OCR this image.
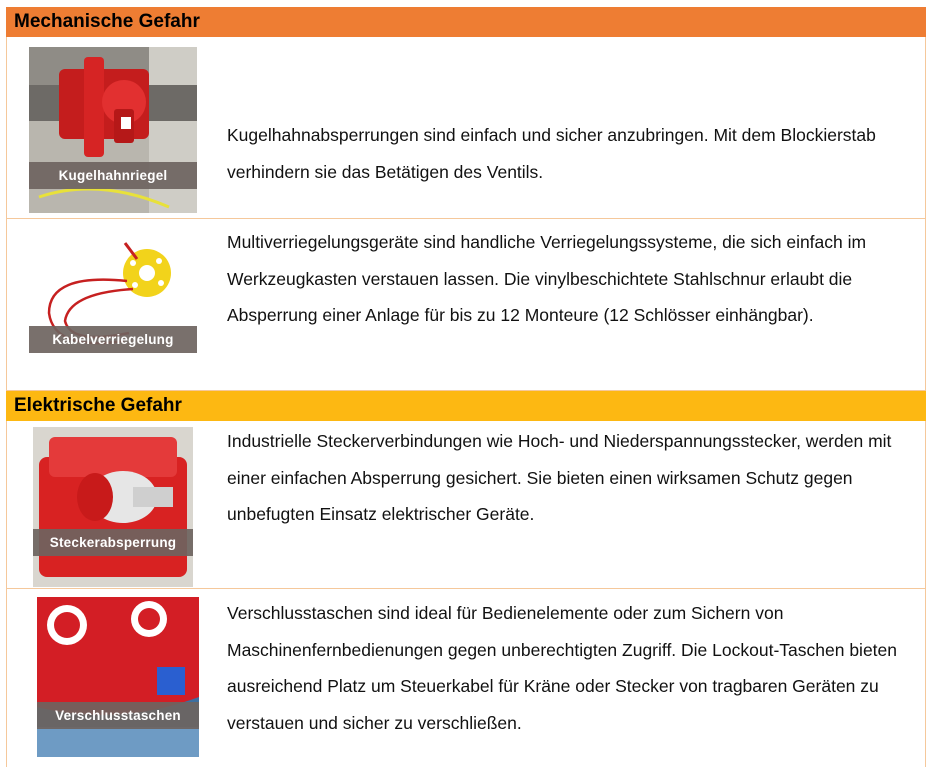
Mechanische Gefahr
Kugelhahnriegel
Kugelhahnabsperrungen sind einfach und sicher anzubringen. Mit dem Blockierstab verhindern sie das Betätigen des Ventils.
Kabelverriegelung
Multiverriegelungsgeräte sind handliche Verriegelungssysteme, die sich einfach im Werkzeugkasten verstauen lassen. Die vinylbeschichtete Stahlschnur erlaubt die Absperrung einer Anlage für bis zu 12 Monteure (12 Schlösser einhängbar).
Elektrische Gefahr
Steckerabsperrung
Industrielle Steckerverbindungen wie Hoch- und Niederspannungsstecker, werden mit einer einfachen Absperrung gesichert. Sie bieten einen wirksamen Schutz gegen unbefugten Einsatz elektrischer Geräte.
Verschlusstaschen
Verschlusstaschen sind ideal für Bedienelemente oder zum Sichern von Maschinenfernbedienungen gegen unberechtigten Zugriff. Die Lockout-Taschen bieten ausreichend Platz um Steuerkabel für Kräne oder Stecker von tragbaren Geräten zu verstauen und sicher zu verschließen.
